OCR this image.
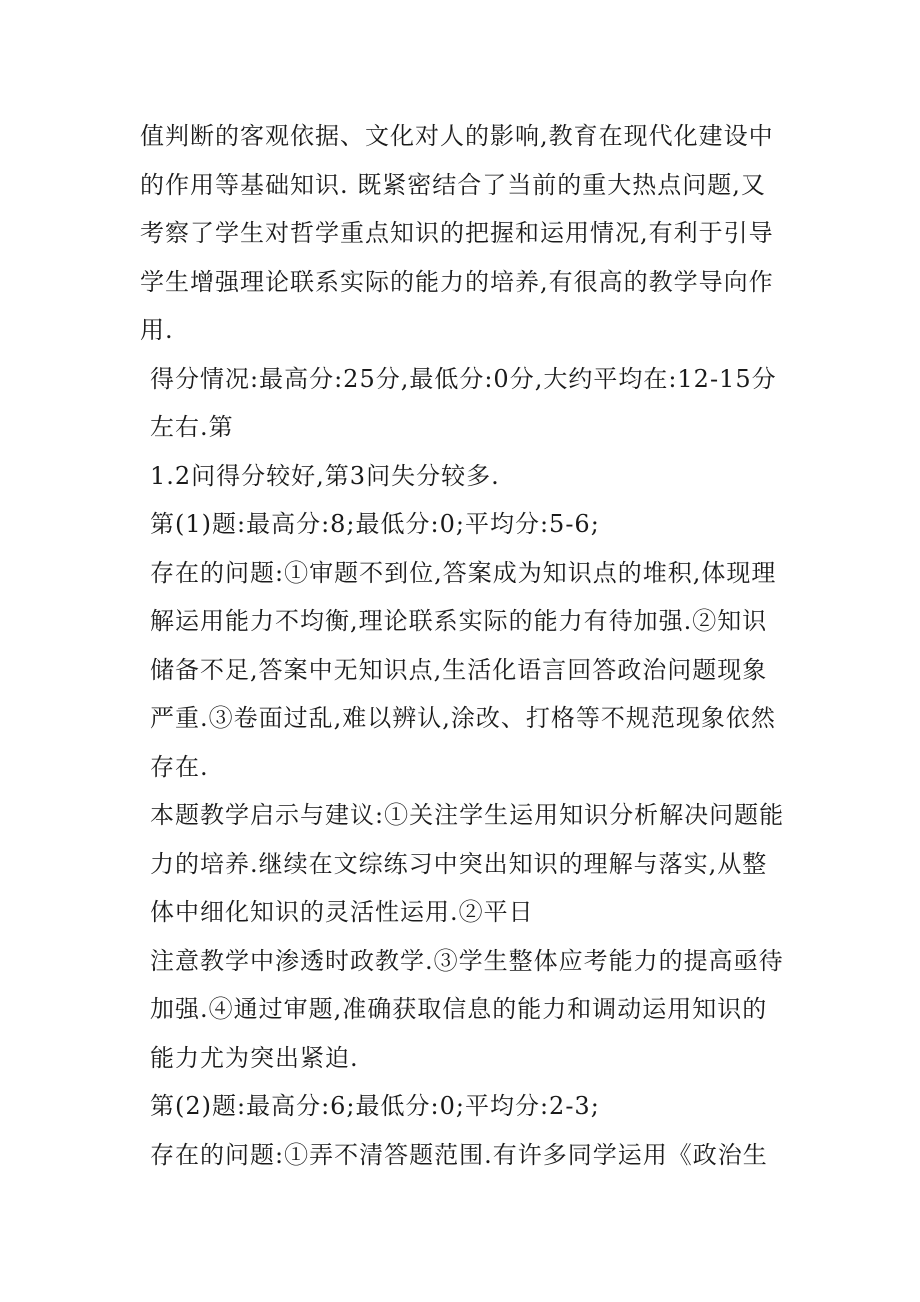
值判断的客观依据、文化对人的影响,教育在现代化建设中的作用等基础知识. 既紧密结合了当前的重大热点问题,又考察了学生对哲学重点知识的把握和运用情况,有利于引导学生增强理论联系实际的能力的培养,有很高的教学导向作用.

得分情况:最高分:25分,最低分:0分,大约平均在:12-15分左右.第

1.2问得分较好,第3问失分较多.

第(1)题:最高分:8;最低分:0;平均分:5-6;

存在的问题:①审题不到位,答案成为知识点的堆积,体现理解运用能力不均衡,理论联系实际的能力有待加强.②知识储备不足,答案中无知识点,生活化语言回答政治问题现象严重.③卷面过乱,难以辨认,涂改、打格等不规范现象依然存在.

本题教学启示与建议:①关注学生运用知识分析解决问题能力的培养.继续在文综练习中突出知识的理解与落实,从整体中细化知识的灵活性运用.②平日

注意教学中渗透时政教学.③学生整体应考能力的提高亟待加强.④通过审题,准确获取信息的能力和调动运用知识的能力尤为突出紧迫.

第(2)题:最高分:6;最低分:0;平均分:2-3;

存在的问题:①弄不清答题范围.有许多同学运用《政治生
